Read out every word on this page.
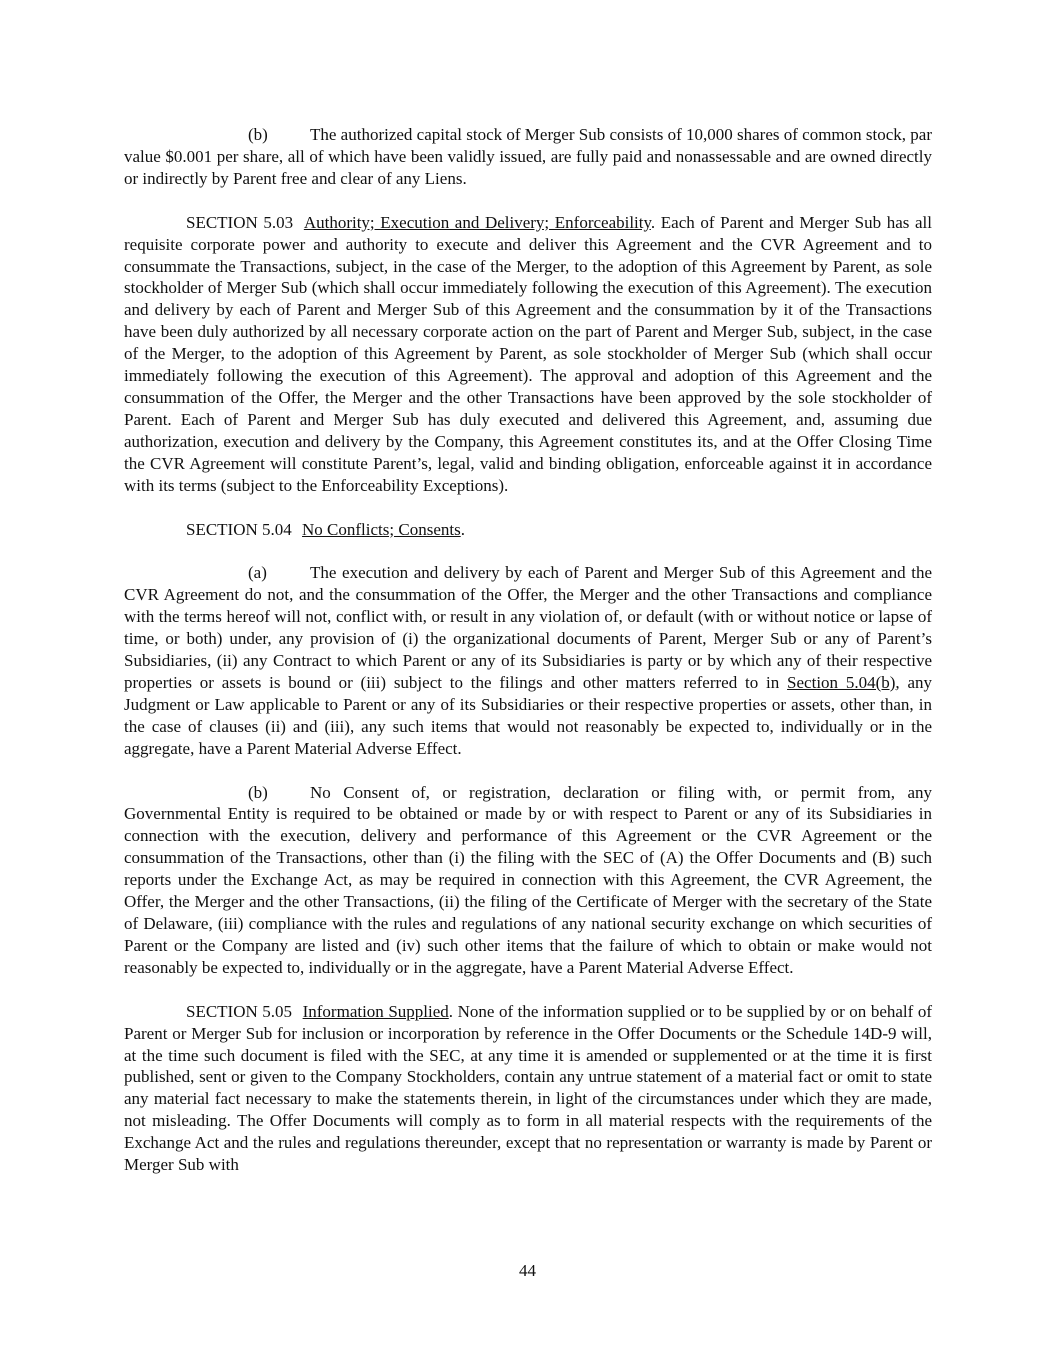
(b) The authorized capital stock of Merger Sub consists of 10,000 shares of common stock, par value $0.001 per share, all of which have been validly issued, are fully paid and nonassessable and are owned directly or indirectly by Parent free and clear of any Liens.

SECTION 5.03 Authority; Execution and Delivery; Enforceability. Each of Parent and Merger Sub has all requisite corporate power and authority to execute and deliver this Agreement and the CVR Agreement and to consummate the Transactions, subject, in the case of the Merger, to the adoption of this Agreement by Parent, as sole stockholder of Merger Sub (which shall occur immediately following the execution of this Agreement). The execution and delivery by each of Parent and Merger Sub of this Agreement and the consummation by it of the Transactions have been duly authorized by all necessary corporate action on the part of Parent and Merger Sub, subject, in the case of the Merger, to the adoption of this Agreement by Parent, as sole stockholder of Merger Sub (which shall occur immediately following the execution of this Agreement). The approval and adoption of this Agreement and the consummation of the Offer, the Merger and the other Transactions have been approved by the sole stockholder of Parent. Each of Parent and Merger Sub has duly executed and delivered this Agreement, and, assuming due authorization, execution and delivery by the Company, this Agreement constitutes its, and at the Offer Closing Time the CVR Agreement will constitute Parent’s, legal, valid and binding obligation, enforceable against it in accordance with its terms (subject to the Enforceability Exceptions).

SECTION 5.04 No Conflicts; Consents.

(a)	The execution and delivery by each of Parent and Merger Sub of this Agreement and the CVR Agreement do not, and the consummation of the Offer, the Merger and the other Transactions and compliance with the terms hereof will not, conflict with, or result in any violation of, or default (with or without notice or lapse of time, or both) under, any provision of (i) the organizational documents of Parent, Merger Sub or any of Parent’s Subsidiaries, (ii) any Contract to which Parent or any of its Subsidiaries is party or by which any of their respective properties or assets is bound or (iii) subject to the filings and other matters referred to in Section 5.04(b), any Judgment or Law applicable to Parent or any of its Subsidiaries or their respective properties or assets, other than, in the case of clauses (ii) and (iii), any such items that would not reasonably be expected to, individually or in the aggregate, have a Parent Material Adverse Effect.

(b) No Consent of, or registration, declaration or filing with, or permit from, any Governmental Entity is required to be obtained or made by or with respect to Parent or any of its Subsidiaries in connection with the execution, delivery and performance of this Agreement or the CVR Agreement or the consummation of the Transactions, other than (i) the filing with the SEC of (A) the Offer Documents and (B) such reports under the Exchange Act, as may be required in connection with this Agreement, the CVR Agreement, the Offer, the Merger and the other Transactions, (ii) the filing of the Certificate of Merger with the secretary of the State of Delaware, (iii) compliance with the rules and regulations of any national security exchange on which securities of Parent or the Company are listed and (iv) such other items that the failure of which to obtain or make would not reasonably be expected to, individually or in the aggregate, have a Parent Material Adverse Effect.

SECTION 5.05 Information Supplied. None of the information supplied or to be supplied by or on behalf of Parent or Merger Sub for inclusion or incorporation by reference in the Offer Documents or the Schedule 14D-9 will, at the time such document is filed with the SEC, at any time it is amended or supplemented or at the time it is first published, sent or given to the Company Stockholders, contain any untrue statement of a material fact or omit to state any material fact necessary to make the statements therein, in light of the circumstances under which they are made, not misleading. The Offer Documents will comply as to form in all material respects with the requirements of the Exchange Act and the rules and regulations thereunder, except that no representation or warranty is made by Parent or Merger Sub with

44
